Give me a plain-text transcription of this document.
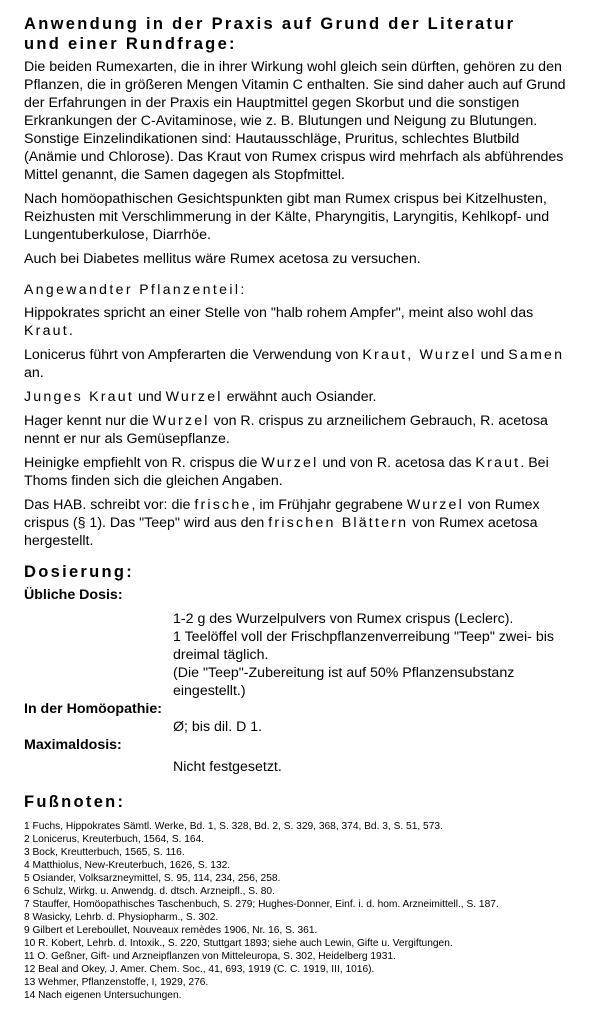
Anwendung in der Praxis auf Grund der Literatur
und einer Rundfrage:

Die beiden Rumexarten, die in ihrer Wirkung wohl gleich sein dürften, gehören zu den Pflanzen, die in größeren Mengen Vitamin C enthalten. Sie sind daher auch auf Grund der Erfahrungen in der Praxis ein Hauptmittel gegen Skorbut und die sonstigen Erkrankungen der C-Avitaminose, wie z. B. Blutungen und Neigung zu Blutungen. Sonstige Einzelindikationen sind: Hautausschläge, Pruritus, schlechtes Blutbild (Anämie und Chlorose). Das Kraut von Rumex crispus wird mehrfach als abführendes Mittel genannt, die Samen dagegen als Stopfmittel.

Nach homöopathischen Gesichtspunkten gibt man Rumex crispus bei Kitzelhusten, Reizhusten mit Verschlimmerung in der Kälte, Pharyngitis, Laryngitis, Kehlkopf- und Lungentuberkulose, Diarrhöe.

Auch bei Diabetes mellitus wäre Rumex acetosa zu versuchen.

Angewandter Pflanzenteil:

Hippokrates spricht an einer Stelle von "halb rohem Ampfer", meint also wohl das Kraut.

Lonicerus führt von Ampferarten die Verwendung von Kraut, Wurzel und Samen an.

Junges Kraut und Wurzel erwähnt auch Osiander.

Hager kennt nur die Wurzel von R. crispus zu arzneilichem Gebrauch, R. acetosa nennt er nur als Gemüsepflanze.

Heinigke empfiehlt von R. crispus die Wurzel und von R. acetosa das Kraut. Bei Thoms finden sich die gleichen Angaben.

Das HAB. schreibt vor: die frische, im Frühjahr gegrabene Wurzel von Rumex crispus (§ 1). Das "Teep" wird aus den frischen Blättern von Rumex acetosa hergestellt.

Dosierung:
Übliche Dosis:
1-2 g des Wurzelpulvers von Rumex crispus (Leclerc).
1 Teelöffel voll der Frischpflanzenverreibung "Teep" zwei- bis dreimal täglich.
(Die "Teep"-Zubereitung ist auf 50% Pflanzensubstanz eingestellt.)
In der Homöopathie:
Ø; bis dil. D 1.
Maximaldosis:
Nicht festgesetzt.
Fußnoten:
1 Fuchs, Hippokrates Sämtl. Werke, Bd. 1, S. 328, Bd. 2, S. 329, 368, 374, Bd. 3, S. 51, 573.
2 Lonicerus, Kreuterbuch, 1564, S. 164.
3 Bock, Kreutterbuch, 1565, S. 116.
4 Matthiolus, New-Kreuterbuch, 1626, S. 132.
5 Osiander, Volksarzneymittel, S. 95, 114, 234, 256, 258.
6 Schulz, Wirkg. u. Anwendg. d. dtsch. Arzneipfl., S. 80.
7 Stauffer, Homöopathisches Taschenbuch, S. 279; Hughes-Donner, Einf. i. d. hom. Arzneimittell., S. 187.
8 Wasicky, Lehrb. d. Physiopharm., S. 302.
9 Gilbert et Lereboullet, Nouveaux remèdes 1906, Nr. 16, S. 361.
10 R. Kobert, Lehrb. d. Intoxik., S. 220, Stuttgart 1893; siehe auch Lewin, Gifte u. Vergiftungen.
11 O. Geßner, Gift- und Arzneipflanzen von Mitteleuropa, S. 302, Heidelberg 1931.
12 Beal and Okey, J. Amer. Chem. Soc., 41, 693, 1919 (C. C. 1919, III, 1016).
13 Wehmer, Pflanzenstoffe, I, 1929, 276.
14 Nach eigenen Untersuchungen.
